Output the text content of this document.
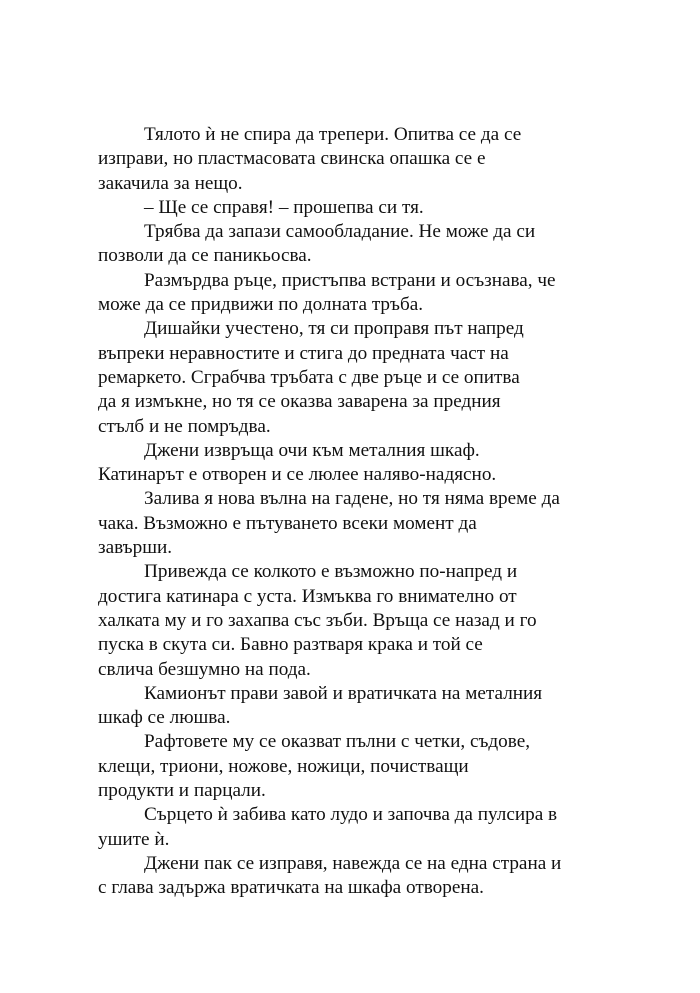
Тялото ѝ не спира да трепери. Опитва се да се
изправи, но пластмасовата свинска опашка се е
закачила за нещо.
– Ще се справя! – прошепва си тя.
Трябва да запази самообладание. Не може да си
позволи да се паникьосва.
Размърдва ръце, пристъпва встрани и осъзнава, че
може да се придвижи по долната тръба.
Дишайки учестено, тя си проправя път напред
въпреки неравностите и стига до предната част на
ремаркето. Сграбчва тръбата с две ръце и се опитва
да я измъкне, но тя се оказва заварена за предния
стълб и не помръдва.
Джени извръща очи към металния шкаф.
Катинарът е отворен и се люлее наляво-надясно.
Залива я нова вълна на гадене, но тя няма време да
чака. Възможно е пътуването всеки момент да
завърши.
Привежда се колкото е възможно по-напред и
достига катинара с уста. Измъква го внимателно от
халката му и го захапва със зъби. Връща се назад и го
пуска в скута си. Бавно разтваря крака и той се
свлича безшумно на пода.
Камионът прави завой и вратичката на металния
шкаф се люшва.
Рафтовете му се оказват пълни с четки, съдове,
клещи, триони, ножове, ножици, почистващи
продукти и парцали.
Сърцето ѝ забива като лудо и започва да пулсира в
ушите ѝ.
Джени пак се изправя, навежда се на една страна и
с глава задържа вратичката на шкафа отворена.
